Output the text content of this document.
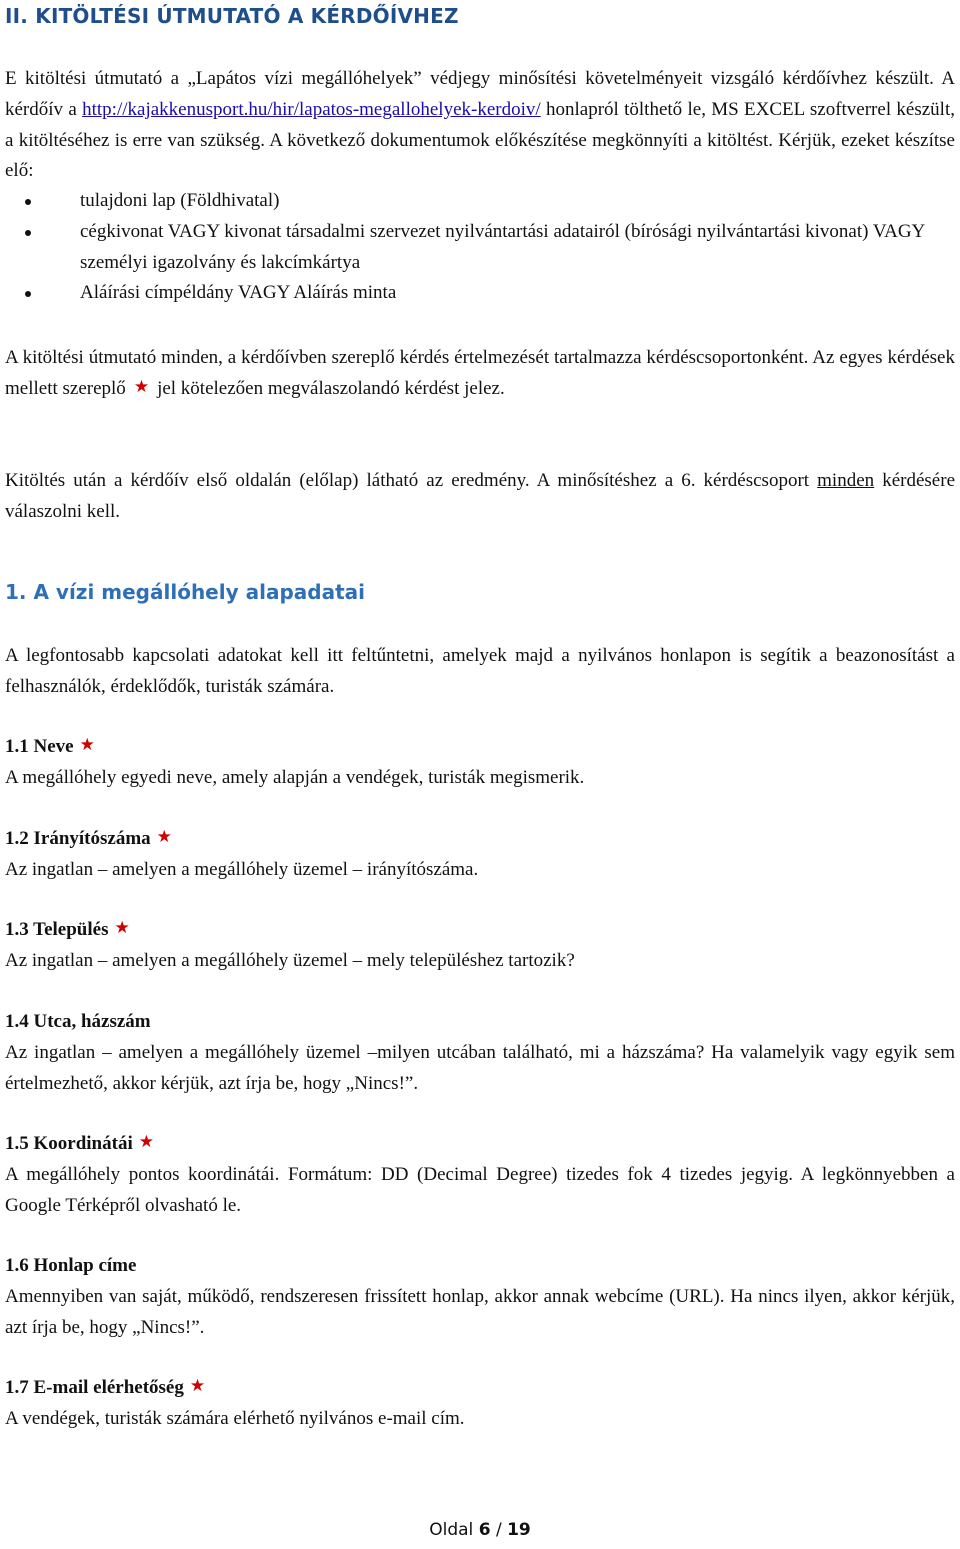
II. KITÖLTÉSI ÚTMUTATÓ A KÉRDŐÍVHEZ

E kitöltési útmutató a „Lapátos vízi megállóhelyek” védjegy minősítési követelményeit vizsgáló kérdőívhez készült. A kérdőív a http://kajakkenusport.hu/hir/lapatos-megallohelyek-kerdoiv/ honlapról tölthető le, MS EXCEL szoftverrel készült, a kitöltéséhez is erre van szükség. A következő dokumentumok előkészítése megkönnyíti a kitöltést. Kérjük, ezeket készítse elő:

tulajdoni lap (Földhivatal)
cégkivonat VAGY kivonat társadalmi szervezet nyilvántartási adatairól (bírósági nyilvántartási kivonat) VAGY személyi igazolvány és lakcímkártya
Aláírási címpéldány VAGY Aláírás minta

A kitöltési útmutató minden, a kérdőívben szereplő kérdés értelmezését tartalmazza kérdéscsoportonként. Az egyes kérdések mellett szereplő ★ jel kötelezően megválaszolandó kérdést jelez.

Kitöltés után a kérdőív első oldalán (előlap) látható az eredmény. A minősítéshez a 6. kérdéscsoport minden kérdésére válaszolni kell.

1. A vízi megállóhely alapadatai

A legfontosabb kapcsolati adatokat kell itt feltűntetni, amelyek majd a nyilvános honlapon is segítik a beazonosítást a felhasználók, érdeklődők, turisták számára.

1.1 Neve ★

A megállóhely egyedi neve, amely alapján a vendégek, turisták megismerik.

1.2 Irányítószáma ★

Az ingatlan – amelyen a megállóhely üzemel – irányítószáma.

1.3 Település ★

Az ingatlan – amelyen a megállóhely üzemel – mely településhez tartozik?

1.4 Utca, házszám

Az ingatlan – amelyen a megállóhely üzemel –milyen utcában található, mi a házszáma? Ha valamelyik vagy egyik sem értelmezhető, akkor kérjük, azt írja be, hogy „Nincs!”.

1.5 Koordinátái ★

A megállóhely pontos koordinátái. Formátum: DD (Decimal Degree) tizedes fok 4 tizedes jegyig. A legkönnyebben a Google Térképről olvasható le.

1.6 Honlap címe

Amennyiben van saját, működő, rendszeresen frissített honlap, akkor annak webcíme (URL). Ha nincs ilyen, akkor kérjük, azt írja be, hogy „Nincs!”.

1.7 E-mail elérhetőség ★

A vendégek, turisták számára elérhető nyilvános e-mail cím.

Oldal 6 / 19
